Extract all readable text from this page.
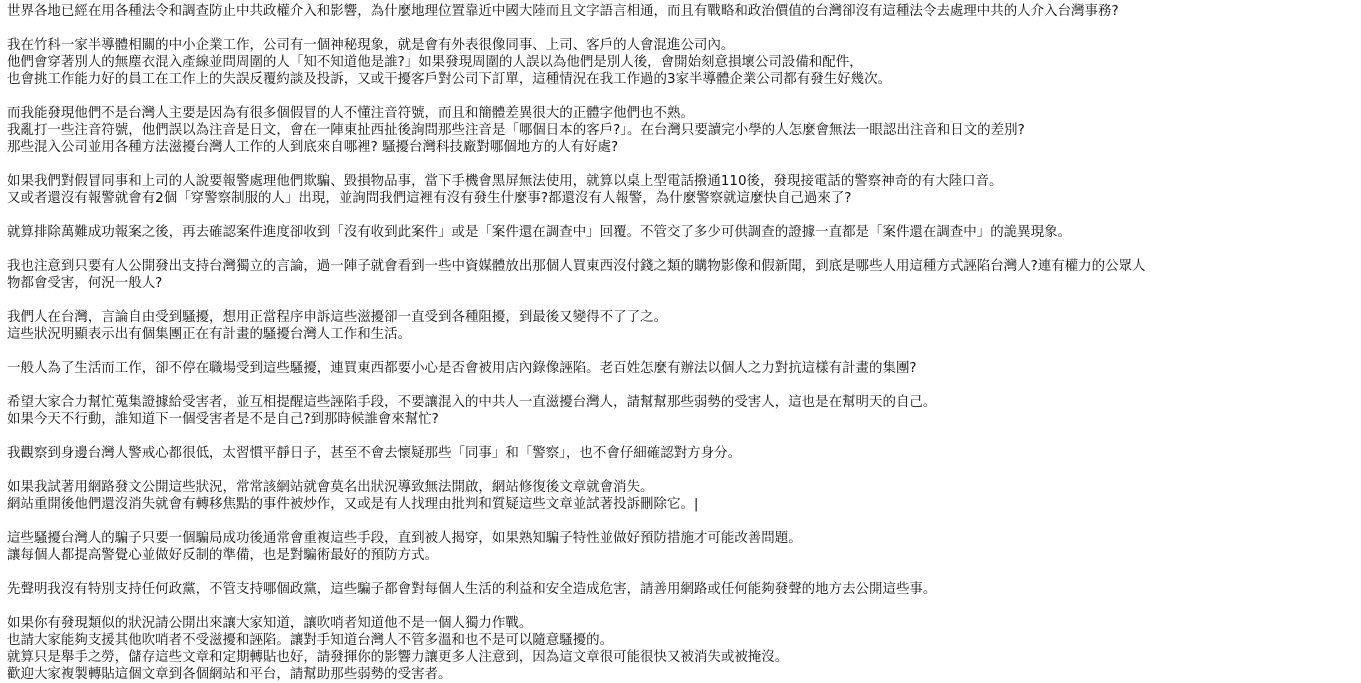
世界各地已經在用各種法令和調查防止中共政權介入和影響，為什麼地理位置靠近中國大陸而且文字語言相通，而且有戰略和政治價值的台灣卻沒有這種法令去處理中共的人介入台灣事務?
我在竹科一家半導體相關的中小企業工作，公司有一個神秘現象，就是會有外表很像同事、上司、客戶的人會混進公司內。
他們會穿著別人的無塵衣混入產線並問周圍的人「知不知道他是誰?」如果發現周圍的人誤以為他們是別人後，會開始刻意損壞公司設備和配件，
也會挑工作能力好的員工在工作上的失誤反覆約談及投訴，又或干擾客戶對公司下訂單，這種情況在我工作過的3家半導體企業公司都有發生好幾次。
而我能發現他們不是台灣人主要是因為有很多個假冒的人不懂注音符號，而且和簡體差異很大的正體字他們也不熟。
我亂打一些注音符號，他們誤以為注音是日文，會在一陣東扯西扯後詢問那些注音是「哪個日本的客戶?」。在台灣只要讀完小學的人怎麼會無法一眼認出注音和日文的差別?
那些混入公司並用各種方法滋擾台灣人工作的人到底來自哪裡? 騷擾台灣科技廠對哪個地方的人有好處?
如果我們對假冒同事和上司的人說要報警處理他們欺騙、毀損物品事，當下手機會黑屏無法使用，就算以桌上型電話撥通110後，發現接電話的警察神奇的有大陸口音。
又或者還沒有報警就會有2個「穿警察制服的人」出現，並詢問我們這裡有沒有發生什麼事?都還沒有人報警，為什麼警察就這麼快自己過來了?
就算排除萬難成功報案之後，再去確認案件進度卻收到「沒有收到此案件」或是「案件還在調查中」回覆。不管交了多少可供調查的證據一直都是「案件還在調查中」的詭異現象。
我也注意到只要有人公開發出支持台灣獨立的言論，過一陣子就會看到一些中資媒體放出那個人買東西沒付錢之類的購物影像和假新聞，到底是哪些人用這種方式誣陷台灣人?連有權力的公眾人
物都會受害，何況一般人?
我們人在台灣，言論自由受到騷擾，想用正當程序申訴這些滋擾卻一直受到各種阻擾，到最後又變得不了了之。
這些狀況明顯表示出有個集團正在有計畫的騷擾台灣人工作和生活。
一般人為了生活而工作，卻不停在職場受到這些騷擾，連買東西都要小心是否會被用店內錄像誣陷。老百姓怎麼有辦法以個人之力對抗這樣有計畫的集團?
希望大家合力幫忙蒐集證據給受害者，並互相提醒這些誣陷手段，不要讓混入的中共人一直滋擾台灣人，請幫幫那些弱勢的受害人，這也是在幫明天的自己。
如果今天不行動，誰知道下一個受害者是不是自己?到那時候誰會來幫忙?
我觀察到身邊台灣人警戒心都很低，太習慣平靜日子，甚至不會去懷疑那些「同事」和「警察」，也不會仔細確認對方身分。
如果我試著用網路發文公開這些狀況，常常該網站就會莫名出狀況導致無法開啟，網站修復後文章就會消失。
網站重開後他們還沒消失就會有轉移焦點的事件被炒作，又或是有人找理由批判和質疑這些文章並試著投訴刪除它。|
這些騷擾台灣人的騙子只要一個騙局成功後通常會重複這些手段，直到被人揭穿，如果熟知騙子特性並做好預防措施才可能改善問題。
讓每個人都提高警覺心並做好反制的準備，也是對騙術最好的預防方式。
先聲明我沒有特別支持任何政黨，不管支持哪個政黨，這些騙子都會對每個人生活的利益和安全造成危害，請善用網路或任何能夠發聲的地方去公開這些事。
如果你有發現類似的狀況請公開出來讓大家知道，讓吹哨者知道他不是一個人獨力作戰。
也請大家能夠支援其他吹哨者不受滋擾和誣陷。讓對手知道台灣人不管多溫和也不是可以隨意騷擾的。
就算只是舉手之勞，儲存這些文章和定期轉貼也好，請發揮你的影響力讓更多人注意到，因為這文章很可能很快又被消失或被掩沒。
歡迎大家複製轉貼這個文章到各個網站和平台，請幫助那些弱勢的受害者。
